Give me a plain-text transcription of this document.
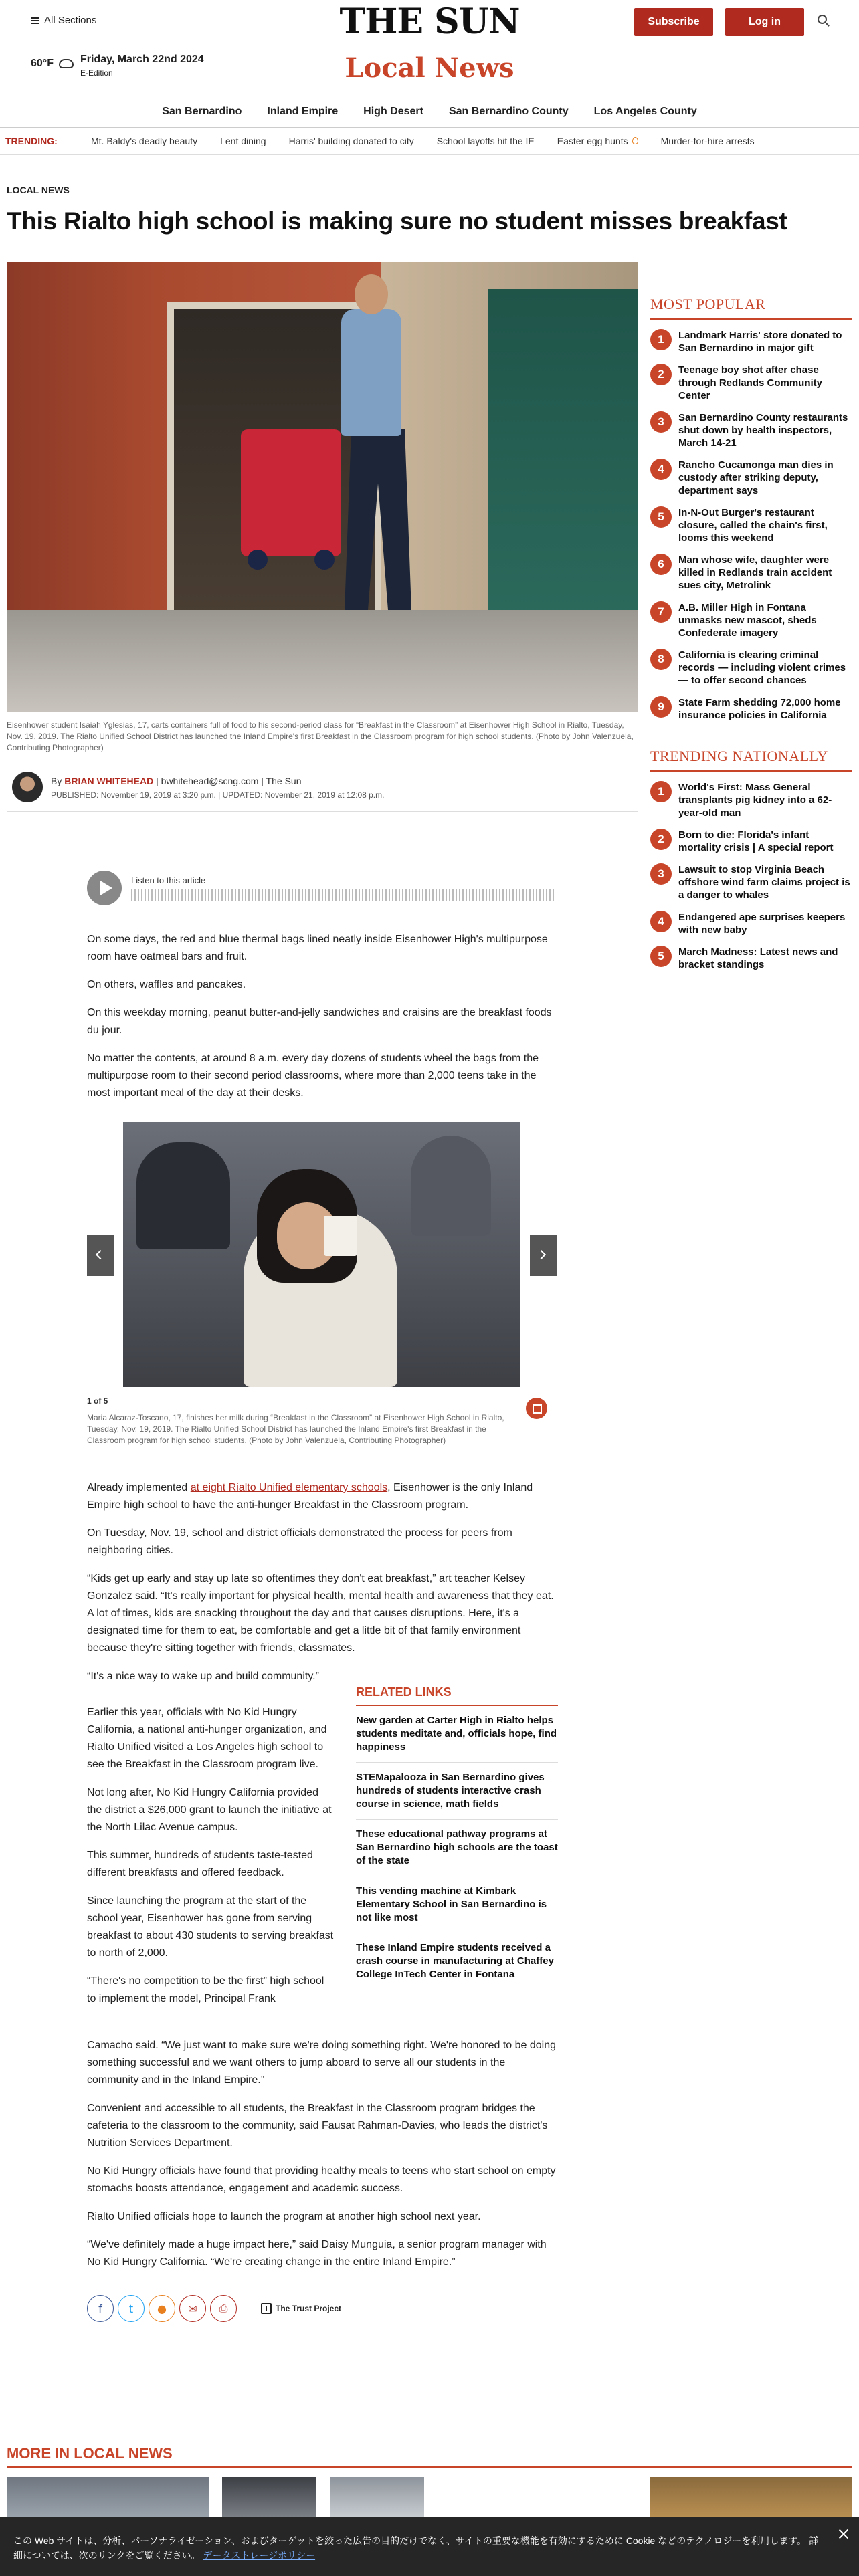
All Sections	THE SUN	Subscribe	Log in
60°F	Friday, March 22nd 2024
E-Edition	Local News
San Bernardino Inland Empire High Desert San Bernardino County Los Angeles County
TRENDING:	Mt. Baldy's deadly beauty Lent dining Harris' building donated to city School layoffs hit the IE Easter egg hunts	Murder-for-hire arrests
LOCAL NEWS
This Rialto high school is making sure no student misses breakfast
Eisenhower student Isaiah Yglesias, 17, carts containers full of food to his second-period class for “Breakfast in the Classroom” at Eisenhower High School in Rialto, Tuesday, Nov. 19, 2019. The Rialto Unified School District has launched the Inland Empire's first Breakfast in the Classroom program for high school students. (Photo by John Valenzuela, Contributing Photographer)
By BRIAN WHITEHEAD | bwhitehead@scng.com | The Sun
PUBLISHED: November 19, 2019 at 3:20 p.m. | UPDATED: November 21, 2019 at 12:08 p.m.
Listen to this article

On some days, the red and blue thermal bags lined neatly inside Eisenhower High's multipurpose room have oatmeal bars and fruit.

On others, waffles and pancakes.

On this weekday morning, peanut butter-and-jelly sandwiches and craisins are the breakfast foods du jour.

No matter the contents, at around 8 a.m. every day dozens of students wheel the bags from the multipurpose room to their second period classrooms, where more than 2,000 teens take in the most important meal of the day at their desks.

1 of 5
Maria Alcaraz-Toscano, 17, finishes her milk during “Breakfast in the Classroom” at Eisenhower High School in Rialto, Tuesday, Nov. 19, 2019. The Rialto Unified School District has launched the Inland Empire's first Breakfast in the Classroom program for high school students. (Photo by John Valenzuela, Contributing Photographer)

Already implemented at eight Rialto Unified elementary schools, Eisenhower is the only Inland Empire high school to have the anti-hunger Breakfast in the Classroom program.

On Tuesday, Nov. 19, school and district officials demonstrated the process for peers from neighboring cities.

“Kids get up early and stay up late so oftentimes they don't eat breakfast,” art teacher Kelsey Gonzalez said. “It's really important for physical health, mental health and awareness that they eat. A lot of times, kids are snacking throughout the day and that causes disruptions. Here, it's a designated time for them to eat, be comfortable and get a little bit of that family environment because they're sitting together with friends, classmates.

“It's a nice way to wake up and build community.”

Earlier this year, officials with No Kid Hungry California, a national anti-hunger organization, and Rialto Unified visited a Los Angeles high school to see the Breakfast in the Classroom program live.

Not long after, No Kid Hungry California provided the district a $26,000 grant to launch the initiative at the North Lilac Avenue campus.

This summer, hundreds of students taste-tested different breakfasts and offered feedback.

Since launching the program at the start of the school year, Eisenhower has gone from serving breakfast to about 430 students to serving breakfast to north of 2,000.

“There's no competition to be the first” high school to implement the model, Principal Frank

Camacho said. “We just want to make sure we're doing something right. We're honored to be doing something successful and we want others to jump aboard to serve all our students in the community and in the Inland Empire.”

Convenient and accessible to all students, the Breakfast in the Classroom program bridges the cafeteria to the classroom to the community, said Fausat Rahman-Davies, who leads the district's Nutrition Services Department.

No Kid Hungry officials have found that providing healthy meals to teens who start school on empty stomachs boosts attendance, engagement and academic success.

Rialto Unified officials hope to launch the program at another high school next year.

“We've definitely made a huge impact here,” said Daisy Munguia, a senior program manager with No Kid Hungry California. “We're creating change in the entire Inland Empire.”

RELATED LINKS
New garden at Carter High in Rialto helps students meditate and, officials hope, find happiness
STEMapalooza in San Bernardino gives hundreds of students interactive crash course in science, math fields
These educational pathway programs at San Bernardino high schools are the toast of the state
This vending machine at Kimbark Elementary School in San Bernardino is not like most
These Inland Empire students received a crash course in manufacturing at Chaffey College InTech Center in Fontana
f	t ● ✉ ⎙	The Trust Project
MOST POPULAR
1	Landmark Harris' store donated to San Bernardino in major gift
2	Teenage boy shot after chase through Redlands Community Center
3	San Bernardino County restaurants shut down by health inspectors, March 14-21
4	Rancho Cucamonga man dies in custody after striking deputy, department says
5	In-N-Out Burger's restaurant closure, called the chain's first, looms this weekend
6	Man whose wife, daughter were killed in Redlands train accident sues city, Metrolink
7	A.B. Miller High in Fontana unmasks new mascot, sheds Confederate imagery
8	California is clearing criminal records — including violent crimes — to offer second chances
9	State Farm shedding 72,000 home insurance policies in California
TRENDING NATIONALLY
1	World's First: Mass General transplants pig kidney into a 62-year-old man
2	Born to die: Florida's infant mortality crisis | A special report
3	Lawsuit to stop Virginia Beach offshore wind farm claims project is a danger to whales
4	Endangered ape surprises keepers with new baby
5	March Madness: Latest news and bracket standings
MORE IN LOCAL NEWS
この Web サイトは、分析、パーソナライゼーション、およびターゲットを絞った広告の目的だけでなく、サイトの重要な機能を有効にするために Cookie などのテクノロジーを利用します。 詳細については、次のリンクをご覧ください。 データストレージポリシー
